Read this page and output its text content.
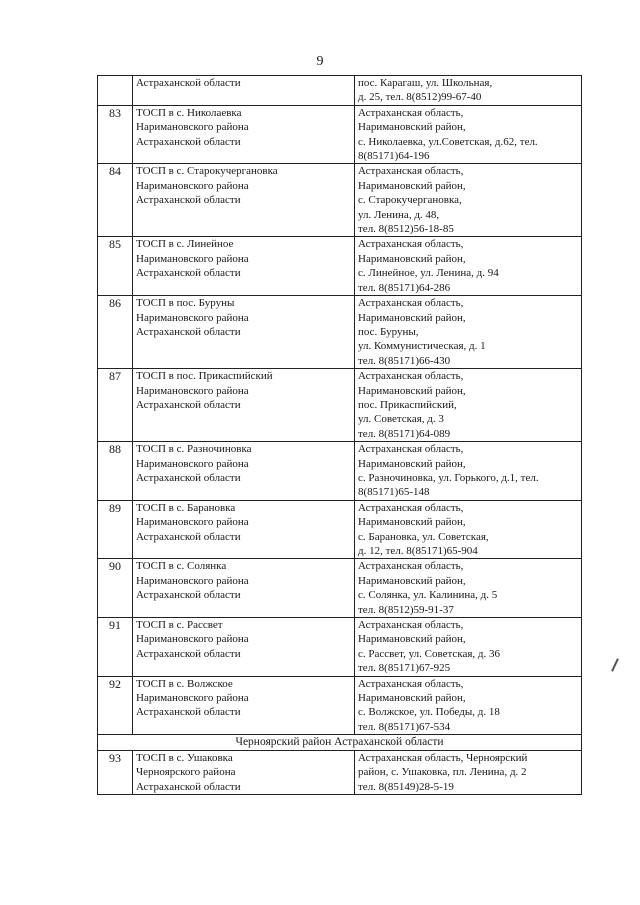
9

	Астраханской области	пос. Карагаш, ул. Школьная,
д. 25, тел. 8(8512)99-67-40

83	ТОСП в с. Николаевка
Наримановского района
Астраханской области	Астраханская область,
Наримановский район,
с. Николаевка, ул.Советская, д.62, тел.
8(85171)64-196

84	ТОСП в с. Старокучергановка
Наримановского района
Астраханской области	Астраханская область,
Наримановский район,
с. Старокучергановка,
ул. Ленина, д. 48,
тел. 8(8512)56-18-85

85	ТОСП в с. Линейное
Наримановского района
Астраханской области	Астраханская область,
Наримановский район,
с. Линейное, ул. Ленина, д. 94
тел. 8(85171)64-286

86	ТОСП в пос. Буруны
Наримановского района
Астраханской области	Астраханская область,
Наримановский район,
пос. Буруны,
ул. Коммунистическая, д. 1
тел. 8(85171)66-430

87	ТОСП в пос. Прикаспийский
Наримановского района
Астраханской области	Астраханская область,
Наримановский район,
пос. Прикаспийский,
ул. Советская, д. 3
тел. 8(85171)64-089

88	ТОСП в с. Разночиновка
Наримановского района
Астраханской области	Астраханская область,
Наримановский район,
с. Разночиновка, ул. Горького, д.1, тел.
8(85171)65-148

89	ТОСП в с. Барановка
Наримановского района
Астраханской области	Астраханская область,
Наримановский район,
с. Барановка, ул. Советская,
д. 12, тел. 8(85171)65-904

90	ТОСП в с. Солянка
Наримановского района
Астраханской области	Астраханская область,
Наримановский район,
с. Солянка, ул. Калинина, д. 5
тел. 8(8512)59-91-37

91	ТОСП в с. Рассвет
Наримановского района
Астраханской области	Астраханская область,
Наримановский район,
с. Рассвет, ул. Советская, д. 36
тел. 8(85171)67-925

92	ТОСП в с. Волжское
Наримановского района
Астраханской области	Астраханская область,
Наримановский район,
с. Волжское, ул. Победы, д. 18
тел. 8(85171)67-534

Черноярский район Астраханской области		
93	ТОСП в с. Ушаковка
Черноярского района
Астраханской области	Астраханская область, Черноярский
район, с. Ушаковка, пл. Ленина, д. 2
тел. 8(85149)28-5-19
